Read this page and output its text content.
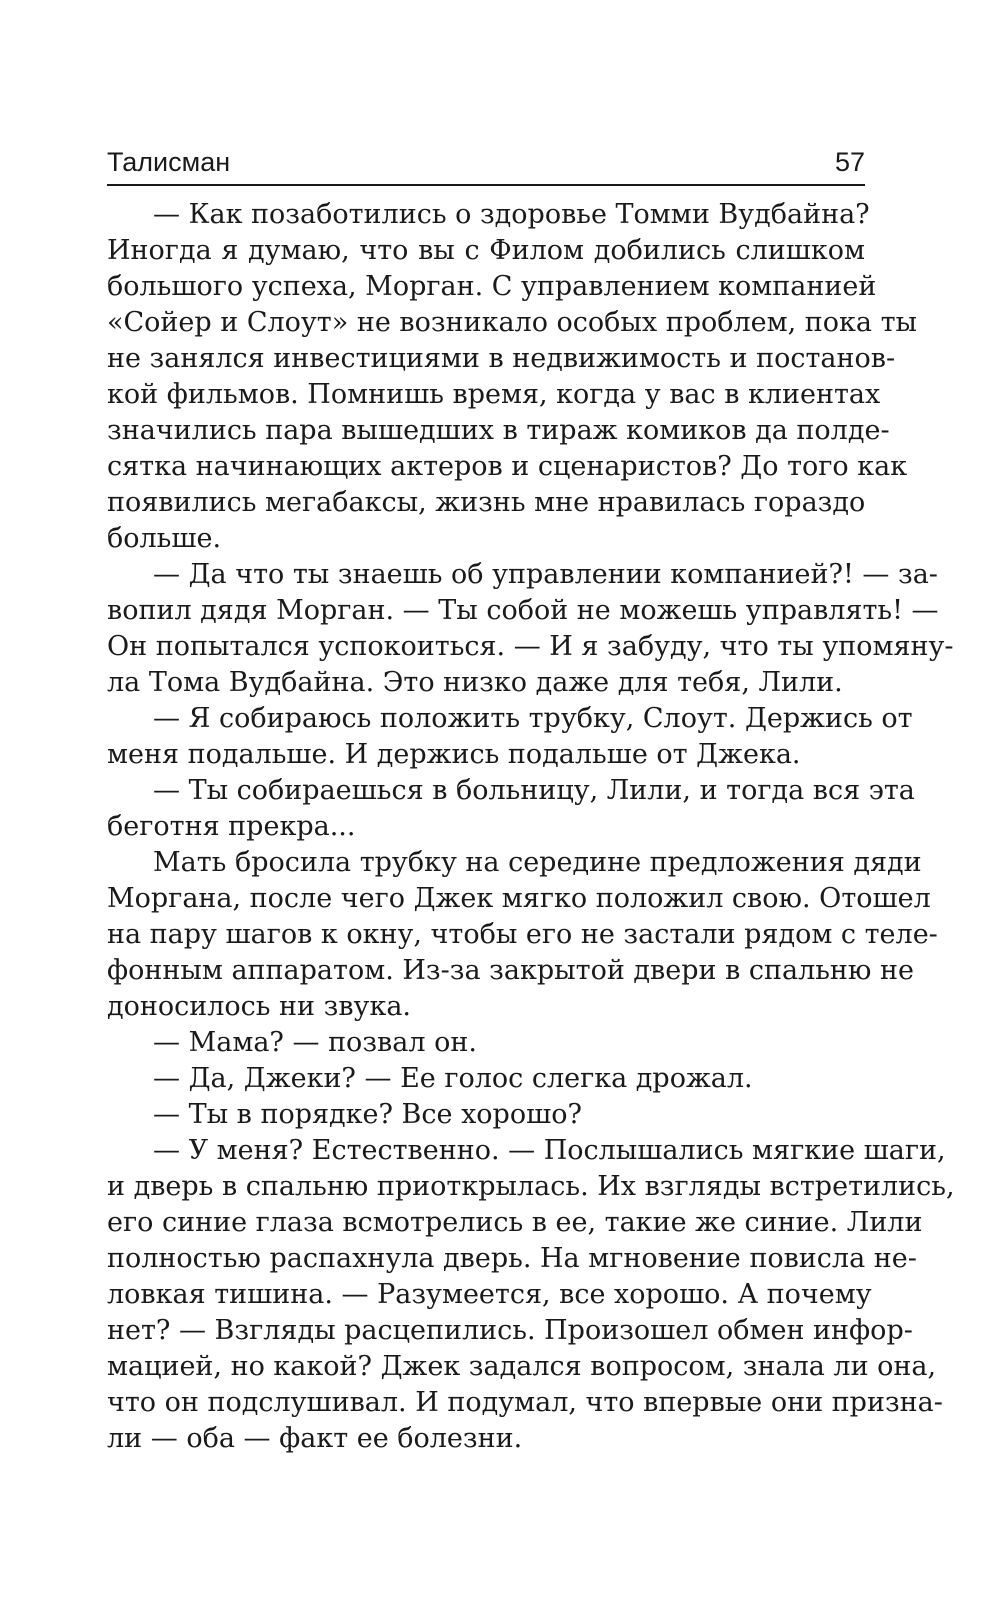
Талисман	57
— Как позаботились о здоровье Томми Вудбайна?
Иногда я думаю, что вы с Филом добились слишком
большого успеха, Морган. С управлением компанией
«Сойер и Слоут» не возникало особых проблем, пока ты
не занялся инвестициями в недвижимость и постанов-
кой фильмов. Помнишь время, когда у вас в клиентах
значились пара вышедших в тираж комиков да полде-
сятка начинающих актеров и сценаристов? До того как
появились мегабаксы, жизнь мне нравилась гораздо
больше.
— Да что ты знаешь об управлении компанией?! — за-
вопил дядя Морган. — Ты собой не можешь управлять! —
Он попытался успокоиться. — И я забуду, что ты упомяну-
ла Тома Вудбайна. Это низко даже для тебя, Лили.
— Я собираюсь положить трубку, Слоут. Держись от
меня подальше. И держись подальше от Джека.
— Ты собираешься в больницу, Лили, и тогда вся эта
беготня прекра...
Мать бросила трубку на середине предложения дяди
Моргана, после чего Джек мягко положил свою. Отошел
на пару шагов к окну, чтобы его не застали рядом с теле-
фонным аппаратом. Из-за закрытой двери в спальню не
доносилось ни звука.
— Мама? — позвал он.
— Да, Джеки? — Ее голос слегка дрожал.
— Ты в порядке? Все хорошо?
— У меня? Естественно. — Послышались мягкие шаги,
и дверь в спальню приоткрылась. Их взгляды встретились,
его синие глаза всмотрелись в ее, такие же синие. Лили
полностью распахнула дверь. На мгновение повисла не-
ловкая тишина. — Разумеется, все хорошо. А почему
нет? — Взгляды расцепились. Произошел обмен инфор-
мацией, но какой? Джек задался вопросом, знала ли она,
что он подслушивал. И подумал, что впервые они призна-
ли — оба — факт ее болезни.
